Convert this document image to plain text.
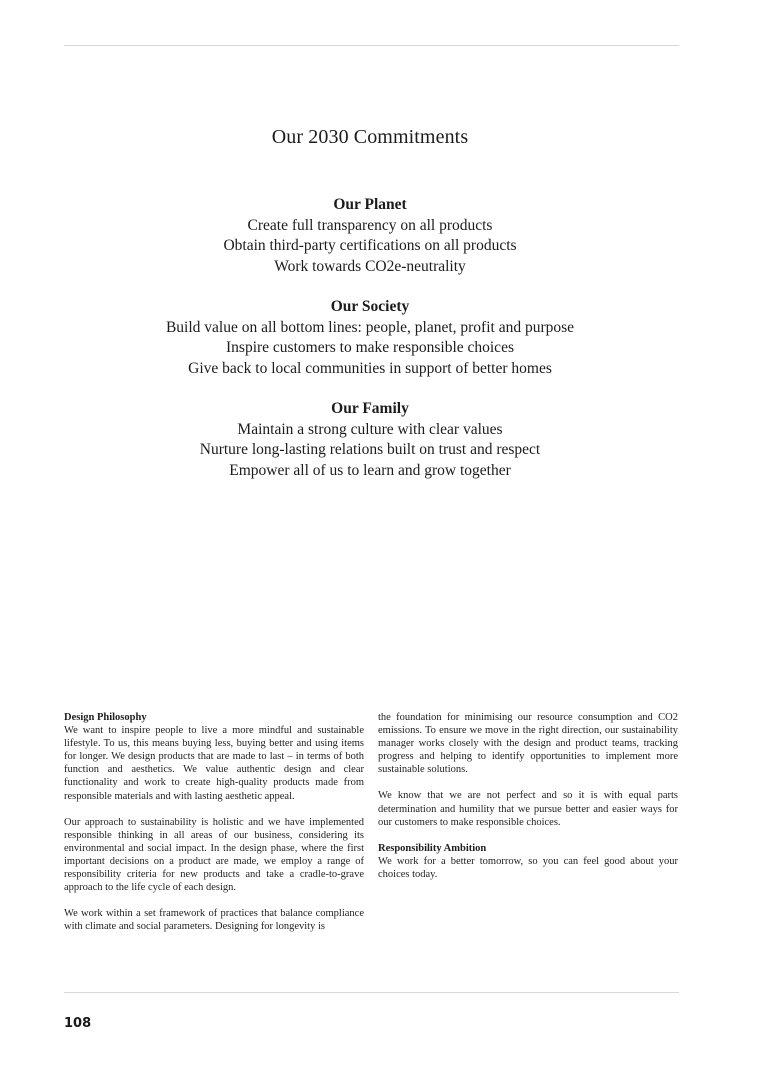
Our 2030 Commitments
Our Planet
Create full transparency on all products
Obtain third-party certifications on all products
Work towards CO2e-neutrality
Our Society
Build value on all bottom lines: people, planet, profit and purpose
Inspire customers to make responsible choices
Give back to local communities in support of better homes
Our Family
Maintain a strong culture with clear values
Nurture long-lasting relations built on trust and respect
Empower all of us to learn and grow together

Design Philosophy
We want to inspire people to live a more mindful and sustainable lifestyle. To us, this means buying less, buying better and using items for longer. We design products that are made to last – in terms of both function and aesthetics. We value authentic design and clear functionality and work to create high-quality products made from responsible materials and with lasting aesthetic appeal.

Our approach to sustainability is holistic and we have implemented responsible thinking in all areas of our business, considering its environmental and social impact. In the design phase, where the first important decisions on a product are made, we employ a range of responsibility criteria for new products and take a cradle-to-grave approach to the life cycle of each design.

We work within a set framework of practices that balance compliance with climate and social parameters. Designing for longevity is

the foundation for minimising our resource consumption and CO2 emissions. To ensure we move in the right direction, our sustainability manager works closely with the design and product teams, tracking progress and helping to identify opportunities to implement more sustainable solutions.

We know that we are not perfect and so it is with equal parts determination and humility that we pursue better and easier ways for our customers to make responsible choices.

Responsibility Ambition
We work for a better tomorrow, so you can feel good about your choices today.

108
